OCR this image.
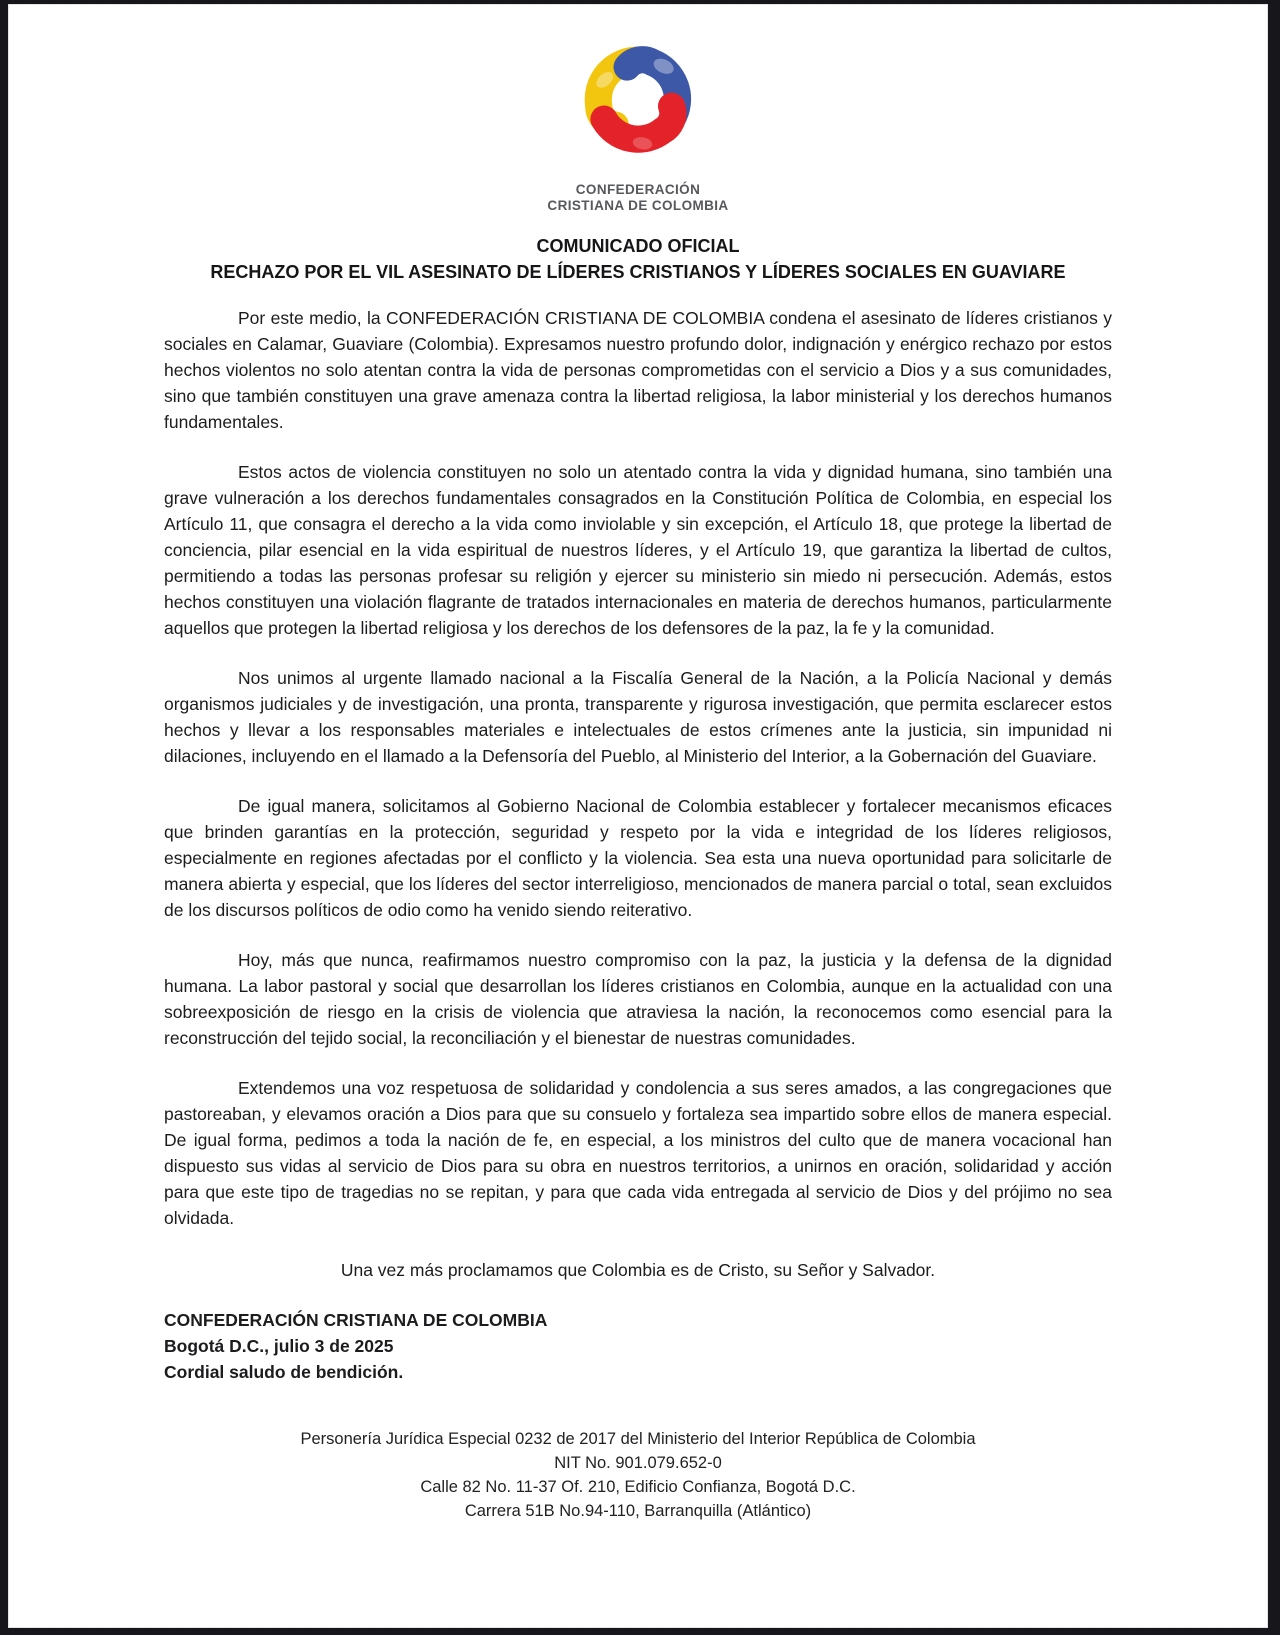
CONFEDERACIÓN
CRISTIANA DE COLOMBIA
COMUNICADO OFICIAL
RECHAZO POR EL VIL ASESINATO DE LÍDERES CRISTIANOS Y LÍDERES SOCIALES EN GUAVIARE

Por este medio, la CONFEDERACIÓN CRISTIANA DE COLOMBIA condena el asesinato de líderes cristianos y sociales en Calamar, Guaviare (Colombia). Expresamos nuestro profundo dolor, indignación y enérgico rechazo por estos hechos violentos no solo atentan contra la vida de personas comprometidas con el servicio a Dios y a sus comunidades, sino que también constituyen una grave amenaza contra la libertad religiosa, la labor ministerial y los derechos humanos fundamentales.

Estos actos de violencia constituyen no solo un atentado contra la vida y dignidad humana, sino también una grave vulneración a los derechos fundamentales consagrados en la Constitución Política de Colombia, en especial los Artículo 11, que consagra el derecho a la vida como inviolable y sin excepción, el Artículo 18, que protege la libertad de conciencia, pilar esencial en la vida espiritual de nuestros líderes, y el Artículo 19, que garantiza la libertad de cultos, permitiendo a todas las personas profesar su religión y ejercer su ministerio sin miedo ni persecución. Además, estos hechos constituyen una violación flagrante de tratados internacionales en materia de derechos humanos, particularmente aquellos que protegen la libertad religiosa y los derechos de los defensores de la paz, la fe y la comunidad.

Nos unimos al urgente llamado nacional a la Fiscalía General de la Nación, a la Policía Nacional y demás organismos judiciales y de investigación, una pronta, transparente y rigurosa investigación, que permita esclarecer estos hechos y llevar a los responsables materiales e intelectuales de estos crímenes ante la justicia, sin impunidad ni dilaciones, incluyendo en el llamado a la Defensoría del Pueblo, al Ministerio del Interior, a la Gobernación del Guaviare.

De igual manera, solicitamos al Gobierno Nacional de Colombia establecer y fortalecer mecanismos eficaces que brinden garantías en la protección, seguridad y respeto por la vida e integridad de los líderes religiosos, especialmente en regiones afectadas por el conflicto y la violencia. Sea esta una nueva oportunidad para solicitarle de manera abierta y especial, que los líderes del sector interreligioso, mencionados de manera parcial o total, sean excluidos de los discursos políticos de odio como ha venido siendo reiterativo.

Hoy, más que nunca, reafirmamos nuestro compromiso con la paz, la justicia y la defensa de la dignidad humana. La labor pastoral y social que desarrollan los líderes cristianos en Colombia, aunque en la actualidad con una sobreexposición de riesgo en la crisis de violencia que atraviesa la nación, la reconocemos como esencial para la reconstrucción del tejido social, la reconciliación y el bienestar de nuestras comunidades.

Extendemos una voz respetuosa de solidaridad y condolencia a sus seres amados, a las congregaciones que pastoreaban, y elevamos oración a Dios para que su consuelo y fortaleza sea impartido sobre ellos de manera especial. De igual forma, pedimos a toda la nación de fe, en especial, a los ministros del culto que de manera vocacional han dispuesto sus vidas al servicio de Dios para su obra en nuestros territorios, a unirnos en oración, solidaridad y acción para que este tipo de tragedias no se repitan, y para que cada vida entregada al servicio de Dios y del prójimo no sea olvidada.

Una vez más proclamamos que Colombia es de Cristo, su Señor y Salvador.

CONFEDERACIÓN CRISTIANA DE COLOMBIA
Bogotá D.C., julio 3 de 2025
Cordial saludo de bendición.
Personería Jurídica Especial 0232 de 2017 del Ministerio del Interior República de Colombia
NIT No. 901.079.652-0
Calle 82 No. 11-37 Of. 210, Edificio Confianza, Bogotá D.C.
Carrera 51B No.94-110, Barranquilla (Atlántico)
